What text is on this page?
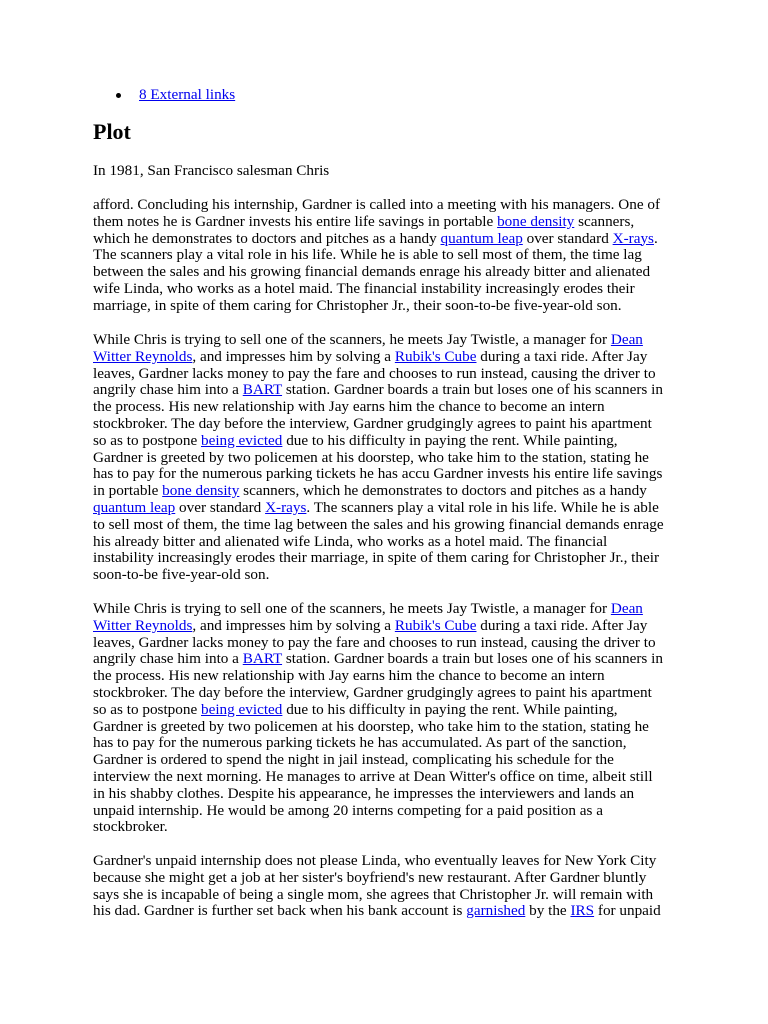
8 External links
Plot

In 1981, San Francisco salesman Chris

afford. Concluding his internship, Gardner is called into a meeting with his managers. One of
them notes he is Gardner invests his entire life savings in portable bone density scanners,
which he demonstrates to doctors and pitches as a handy quantum leap over standard X-rays.
The scanners play a vital role in his life. While he is able to sell most of them, the time lag
between the sales and his growing financial demands enrage his already bitter and alienated
wife Linda, who works as a hotel maid. The financial instability increasingly erodes their
marriage, in spite of them caring for Christopher Jr., their soon-to-be five-year-old son.

While Chris is trying to sell one of the scanners, he meets Jay Twistle, a manager for Dean
Witter Reynolds, and impresses him by solving a Rubik's Cube during a taxi ride. After Jay
leaves, Gardner lacks money to pay the fare and chooses to run instead, causing the driver to
angrily chase him into a BART station. Gardner boards a train but loses one of his scanners in
the process. His new relationship with Jay earns him the chance to become an intern
stockbroker. The day before the interview, Gardner grudgingly agrees to paint his apartment
so as to postpone being evicted due to his difficulty in paying the rent. While painting,
Gardner is greeted by two policemen at his doorstep, who take him to the station, stating he
has to pay for the numerous parking tickets he has accu Gardner invests his entire life savings
in portable bone density scanners, which he demonstrates to doctors and pitches as a handy
quantum leap over standard X-rays. The scanners play a vital role in his life. While he is able
to sell most of them, the time lag between the sales and his growing financial demands enrage
his already bitter and alienated wife Linda, who works as a hotel maid. The financial
instability increasingly erodes their marriage, in spite of them caring for Christopher Jr., their
soon-to-be five-year-old son.

While Chris is trying to sell one of the scanners, he meets Jay Twistle, a manager for Dean
Witter Reynolds, and impresses him by solving a Rubik's Cube during a taxi ride. After Jay
leaves, Gardner lacks money to pay the fare and chooses to run instead, causing the driver to
angrily chase him into a BART station. Gardner boards a train but loses one of his scanners in
the process. His new relationship with Jay earns him the chance to become an intern
stockbroker. The day before the interview, Gardner grudgingly agrees to paint his apartment
so as to postpone being evicted due to his difficulty in paying the rent. While painting,
Gardner is greeted by two policemen at his doorstep, who take him to the station, stating he
has to pay for the numerous parking tickets he has accumulated. As part of the sanction,
Gardner is ordered to spend the night in jail instead, complicating his schedule for the
interview the next morning. He manages to arrive at Dean Witter's office on time, albeit still
in his shabby clothes. Despite his appearance, he impresses the interviewers and lands an
unpaid internship. He would be among 20 interns competing for a paid position as a
stockbroker.

Gardner's unpaid internship does not please Linda, who eventually leaves for New York City
because she might get a job at her sister's boyfriend's new restaurant. After Gardner bluntly
says she is incapable of being a single mom, she agrees that Christopher Jr. will remain with
his dad. Gardner is further set back when his bank account is garnished by the IRS for unpaid
